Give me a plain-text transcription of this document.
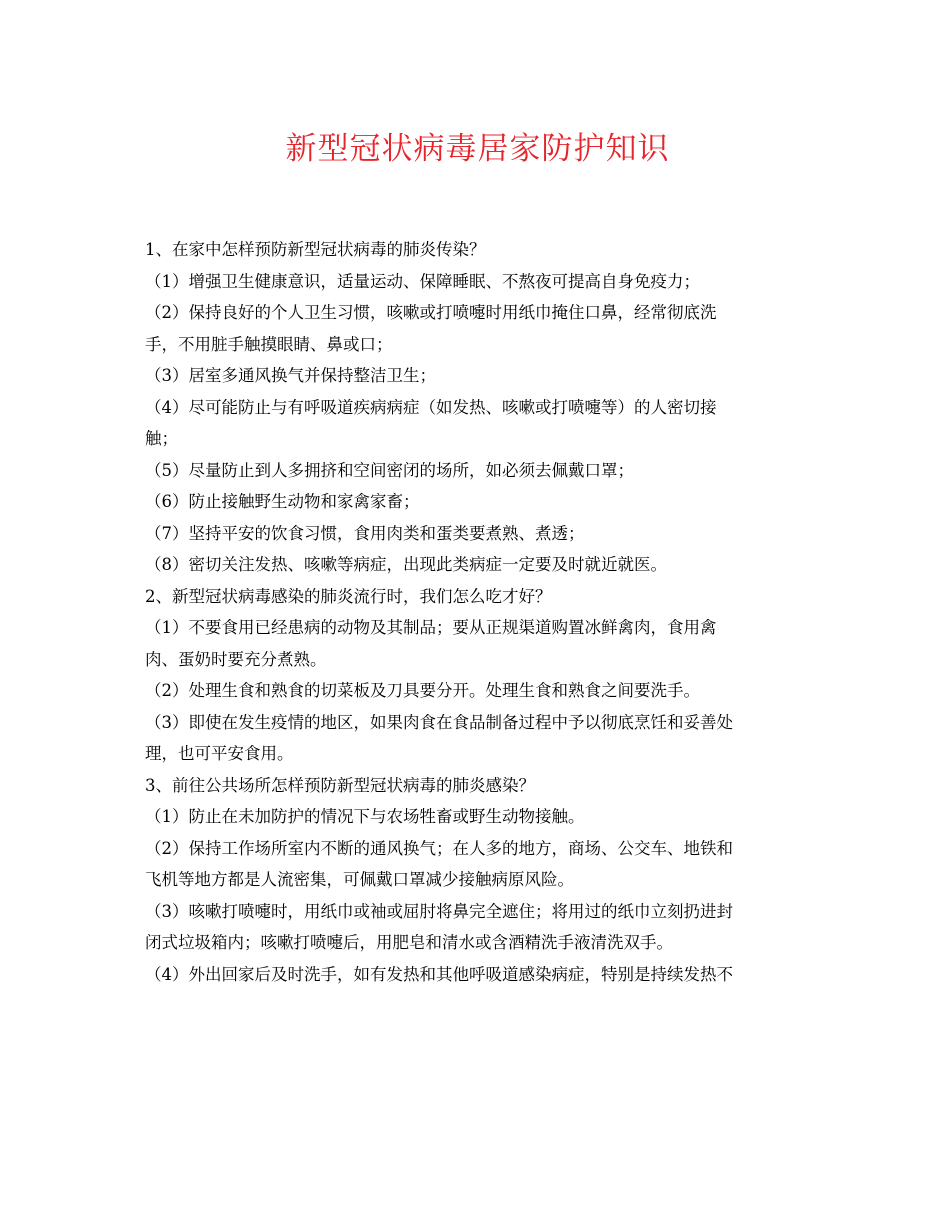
新型冠状病毒居家防护知识

1、在家中怎样预防新型冠状病毒的肺炎传染？

（1）增强卫生健康意识，适量运动、保障睡眠、不熬夜可提高自身免疫力；

（2）保持良好的个人卫生习惯，咳嗽或打喷嚏时用纸巾掩住口鼻，经常彻底洗
手，不用脏手触摸眼睛、鼻或口；

（3）居室多通风换气并保持整洁卫生；

（4）尽可能防止与有呼吸道疾病病症（如发热、咳嗽或打喷嚏等）的人密切接
触；

（5）尽量防止到人多拥挤和空间密闭的场所，如必须去佩戴口罩；

（6）防止接触野生动物和家禽家畜；

（7）坚持平安的饮食习惯，食用肉类和蛋类要煮熟、煮透；

（8）密切关注发热、咳嗽等病症，出现此类病症一定要及时就近就医。

2、新型冠状病毒感染的肺炎流行时，我们怎么吃才好？

（1）不要食用已经患病的动物及其制品；要从正规渠道购置冰鲜禽肉，食用禽
肉、蛋奶时要充分煮熟。

（2）处理生食和熟食的切菜板及刀具要分开。处理生食和熟食之间要洗手。

（3）即使在发生疫情的地区，如果肉食在食品制备过程中予以彻底烹饪和妥善处
理，也可平安食用。

3、前往公共场所怎样预防新型冠状病毒的肺炎感染？

（1）防止在未加防护的情况下与农场牲畜或野生动物接触。

（2）保持工作场所室内不断的通风换气；在人多的地方，商场、公交车、地铁和
飞机等地方都是人流密集，可佩戴口罩减少接触病原风险。
（3）咳嗽打喷嚏时，用纸巾或袖或屈肘将鼻完全遮住；将用过的纸巾立刻扔进封
闭式垃圾箱内；咳嗽打喷嚏后，用肥皂和清水或含酒精洗手液清洗双手。

（4）外出回家后及时洗手，如有发热和其他呼吸道感染病症，特别是持续发热不
